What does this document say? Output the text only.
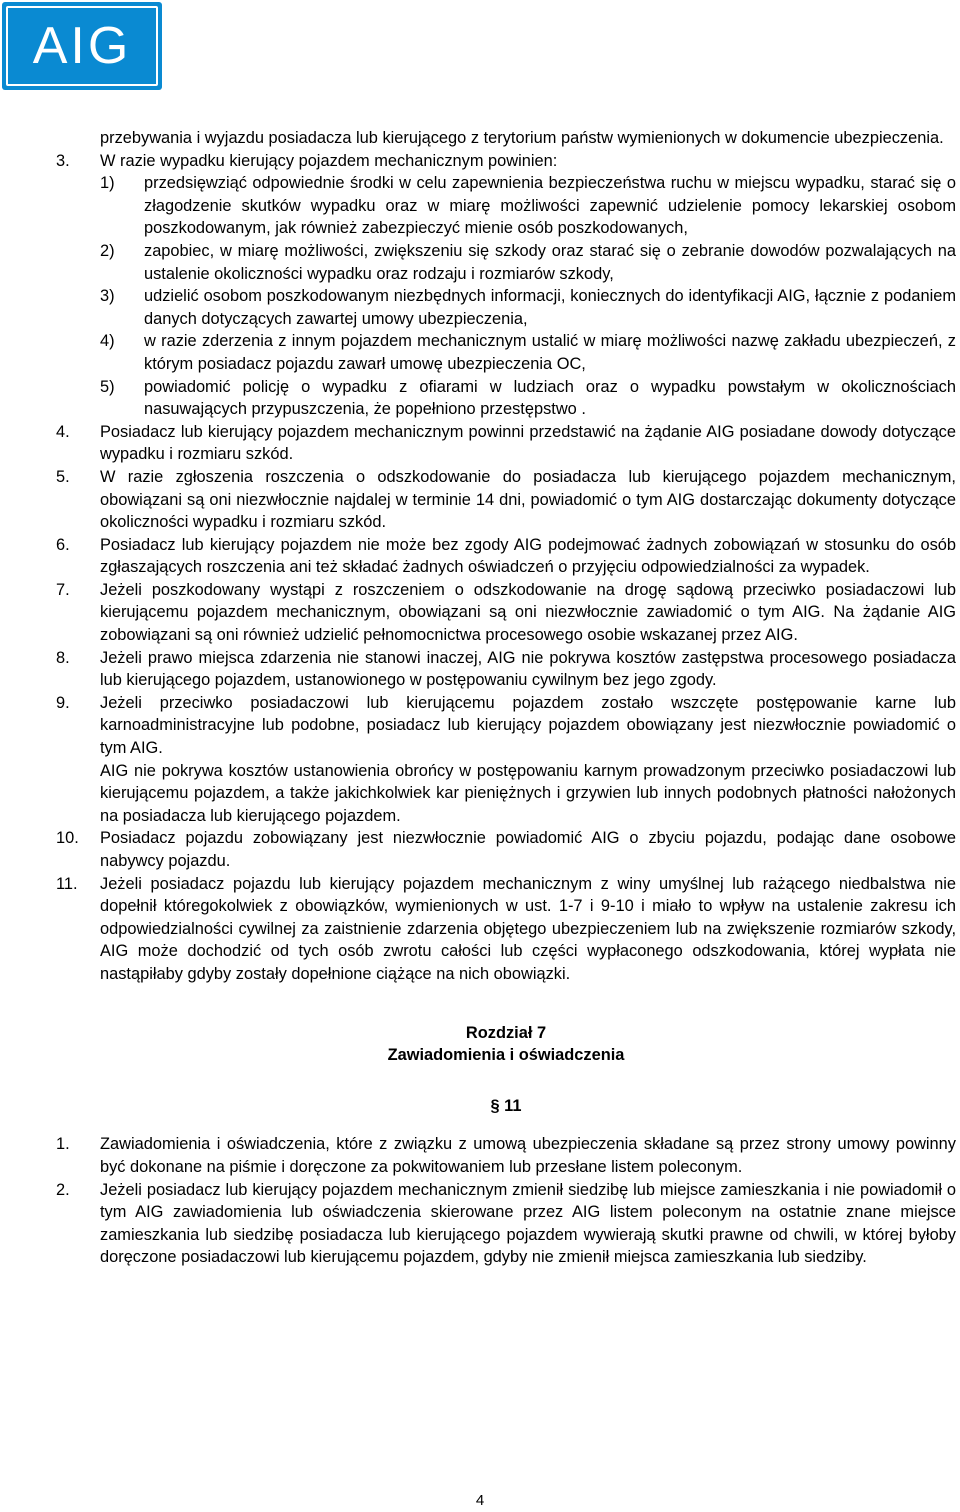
AIG

przebywania i wyjazdu posiadacza lub kierującego z terytorium państw wymienionych w dokumencie ubezpieczenia.

3.	W razie wypadku kierujący pojazdem mechanicznym powinien:
1)	przedsięwziąć odpowiednie środki w celu zapewnienia bezpieczeństwa ruchu w miejscu wypadku, starać się o złagodzenie skutków wypadku oraz w miarę możliwości zapewnić udzielenie pomocy lekarskiej osobom poszkodowanym, jak również zabezpieczyć mienie osób poszkodowanych,
2)	zapobiec, w miarę możliwości, zwiększeniu się szkody oraz starać się o zebranie dowodów pozwalających na ustalenie okoliczności wypadku oraz rodzaju i rozmiarów szkody,
3)	udzielić osobom poszkodowanym niezbędnych informacji, koniecznych do identyfikacji AIG, łącznie z podaniem danych dotyczących zawartej umowy ubezpieczenia,
4)	w razie zderzenia z innym pojazdem mechanicznym ustalić w miarę możliwości nazwę zakładu ubezpieczeń, z którym posiadacz pojazdu zawarł umowę ubezpieczenia OC,
5)	powiadomić policję o wypadku z ofiarami w ludziach oraz o wypadku powstałym w okolicznościach nasuwających przypuszczenia, że popełniono przestępstwo .
4.	Posiadacz lub kierujący pojazdem mechanicznym powinni przedstawić na żądanie AIG posiadane dowody dotyczące wypadku i rozmiaru szkód.
5.	W razie zgłoszenia roszczenia o odszkodowanie do posiadacza lub kierującego pojazdem mechanicznym, obowiązani są oni niezwłocznie najdalej w terminie 14 dni, powiadomić o tym AIG dostarczając dokumenty dotyczące okoliczności wypadku i rozmiaru szkód.
6.	Posiadacz lub kierujący pojazdem nie może bez zgody AIG podejmować żadnych zobowiązań w stosunku do osób zgłaszających roszczenia ani też składać żadnych oświadczeń o przyjęciu odpowiedzialności za wypadek.
7.	Jeżeli poszkodowany wystąpi z roszczeniem o odszkodowanie na drogę sądową przeciwko posiadaczowi lub kierującemu pojazdem mechanicznym, obowiązani są oni niezwłocznie zawiadomić o tym AIG. Na żądanie AIG zobowiązani są oni również udzielić pełnomocnictwa procesowego osobie wskazanej przez AIG.
8.	Jeżeli prawo miejsca zdarzenia nie stanowi inaczej, AIG nie pokrywa kosztów zastępstwa procesowego posiadacza lub kierującego pojazdem, ustanowionego w postępowaniu cywilnym bez jego zgody.
9.	Jeżeli przeciwko posiadaczowi lub kierującemu pojazdem zostało wszczęte postępowanie karne lub karnoadministracyjne lub podobne, posiadacz lub kierujący pojazdem obowiązany jest niezwłocznie powiadomić o tym AIG.
AIG nie pokrywa kosztów ustanowienia obrońcy w postępowaniu karnym prowadzonym przeciwko posiadaczowi lub kierującemu pojazdem, a także jakichkolwiek kar pieniężnych i grzywien lub innych podobnych płatności nałożonych na posiadacza lub kierującego pojazdem.
10.	Posiadacz pojazdu zobowiązany jest niezwłocznie powiadomić AIG o zbyciu pojazdu, podając dane osobowe nabywcy pojazdu.
11.	Jeżeli posiadacz pojazdu lub kierujący pojazdem mechanicznym z winy umyślnej lub rażącego niedbalstwa nie dopełnił któregokolwiek z obowiązków, wymienionych w ust. 1-7 i 9-10 i miało to wpływ na ustalenie zakresu ich odpowiedzialności cywilnej za zaistnienie zdarzenia objętego ubezpieczeniem lub na zwiększenie rozmiarów szkody, AIG może dochodzić od tych osób zwrotu całości lub części wypłaconego odszkodowania, której wypłata nie nastąpiłaby gdyby zostały dopełnione ciążące na nich obowiązki.
Rozdział 7
Zawiadomienia i oświadczenia
§ 11
1.	Zawiadomienia i oświadczenia, które z związku z umową ubezpieczenia składane są przez strony umowy powinny być dokonane na piśmie i doręczone za pokwitowaniem lub przesłane listem poleconym.
2.	Jeżeli posiadacz lub kierujący pojazdem mechanicznym zmienił siedzibę lub miejsce zamieszkania i nie powiadomił o tym AIG zawiadomienia lub oświadczenia skierowane przez AIG listem poleconym na ostatnie znane miejsce zamieszkania lub siedzibę posiadacza lub kierującego pojazdem wywierają skutki prawne od chwili, w której byłoby doręczone posiadaczowi lub kierującemu pojazdem, gdyby nie zmienił miejsca zamieszkania lub siedziby.
4
